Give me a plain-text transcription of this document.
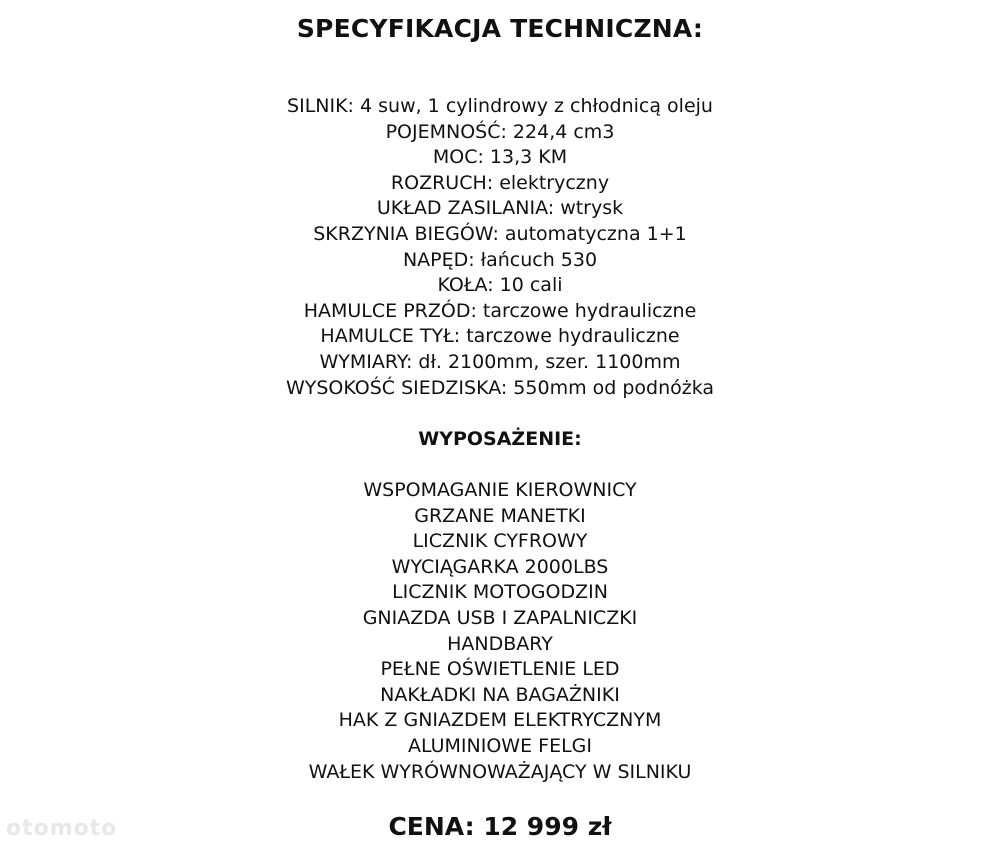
SPECYFIKACJA TECHNICZNA:
SILNIK: 4 suw, 1 cylindrowy z chłodnicą oleju
POJEMNOŚĆ: 224,4 cm3
MOC: 13,3 KM
ROZRUCH: elektryczny
UKŁAD ZASILANIA: wtrysk
SKRZYNIA BIEGÓW: automatyczna 1+1
NAPĘD: łańcuch 530
KOŁA: 10 cali
HAMULCE PRZÓD: tarczowe hydrauliczne
HAMULCE TYŁ: tarczowe hydrauliczne
WYMIARY: dł. 2100mm, szer. 1100mm
WYSOKOŚĆ SIEDZISKA: 550mm od podnóżka
WYPOSAŻENIE:
WSPOMAGANIE KIEROWNICY
GRZANE MANETKI
LICZNIK CYFROWY
WYCIĄGARKA 2000LBS
LICZNIK MOTOGODZIN
GNIAZDA USB I ZAPALNICZKI
HANDBARY
PEŁNE OŚWIETLENIE LED
NAKŁADKI NA BAGAŻNIKI
HAK Z GNIAZDEM ELEKTRYCZNYM
ALUMINIOWE FELGI
WAŁEK WYRÓWNOWAŻAJĄCY W SILNIKU
CENA: 12 999 zł
otomoto
